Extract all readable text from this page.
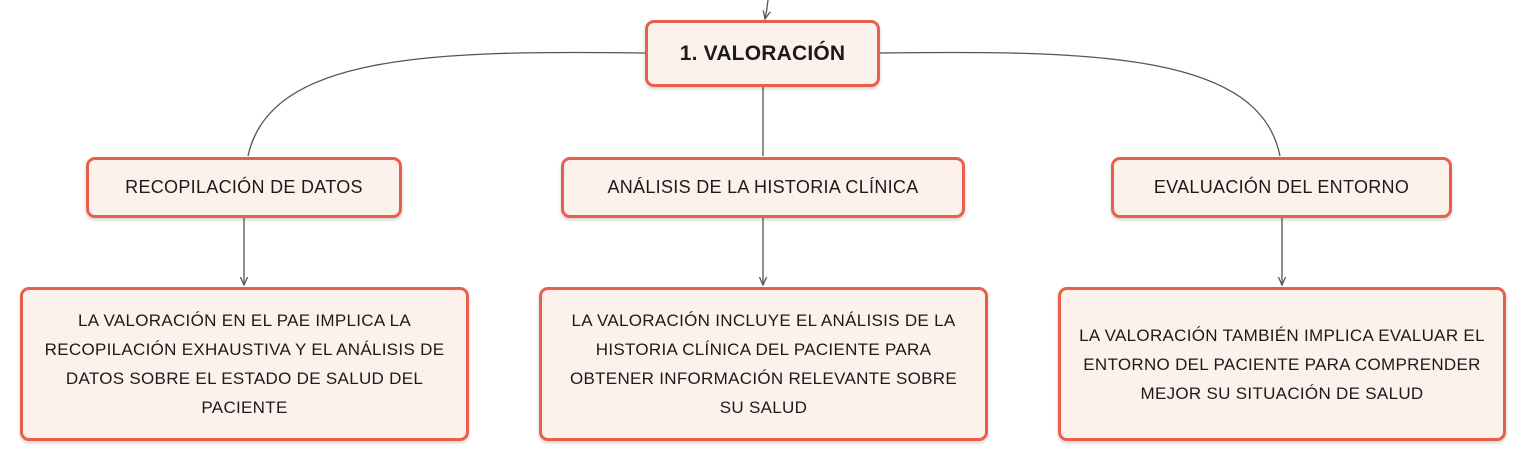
1. VALORACIÓN
RECOPILACIÓN DE DATOS	ANÁLISIS DE LA HISTORIA CLÍNICA	EVALUACIÓN DEL ENTORNO
LA VALORACIÓN EN EL PAE IMPLICA LA RECOPILACIÓN EXHAUSTIVA Y EL ANÁLISIS DE DATOS SOBRE EL ESTADO DE SALUD DEL PACIENTE
LA VALORACIÓN INCLUYE EL ANÁLISIS DE LA HISTORIA CLÍNICA DEL PACIENTE PARA OBTENER INFORMACIÓN RELEVANTE SOBRE SU SALUD
LA VALORACIÓN TAMBIÉN IMPLICA EVALUAR EL ENTORNO DEL PACIENTE PARA COMPRENDER MEJOR SU SITUACIÓN DE SALUD
